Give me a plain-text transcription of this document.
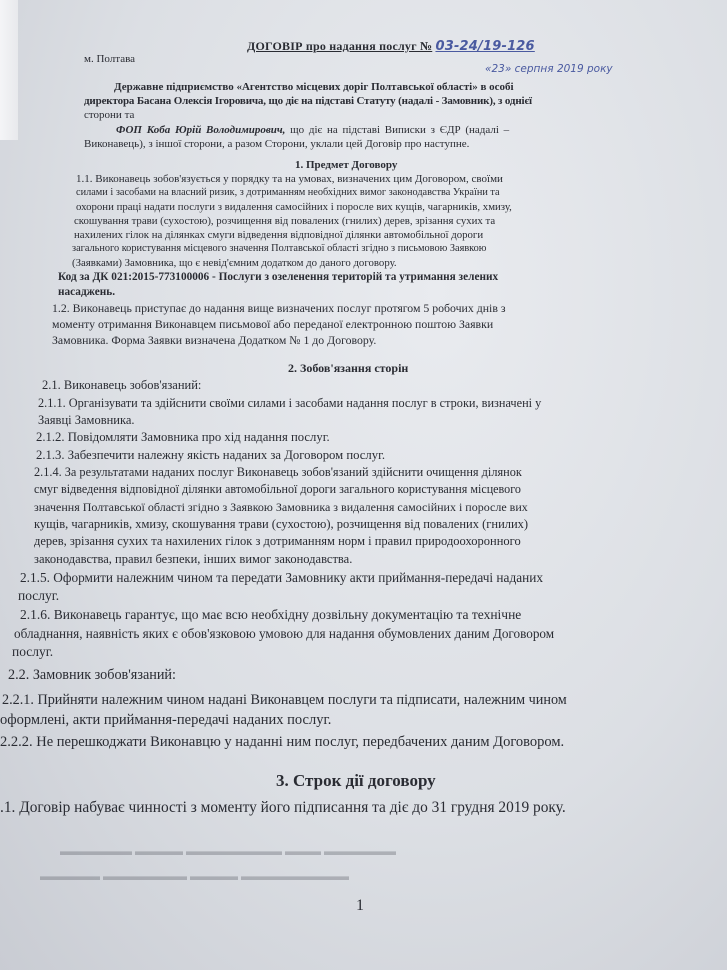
ДОГОВІР про надання послуг № 03-24/19-126
м. Полтава
«23» серпня 2019 року
Державне підприємство «Агентство місцевих доріг Полтавської області» в особі
директора Басана Олексія Ігоровича, що діє на підставі Статуту (надалі - Замовник), з однієї
сторони та
ФОП Коба Юрій Володимирович, що діє на підставі Виписки з ЄДР (надалі –
Виконавець), з іншої сторони, а разом Сторони, уклали цей Договір про наступне.
1. Предмет Договору
1.1. Виконавець зобов'язується у порядку та на умовах, визначених цим Договором, своїми
силами і засобами на власний ризик, з дотриманням необхідних вимог законодавства України та
охорони праці надати послуги з видалення самосійних і поросле вих кущів, чагарників, хмизу,
скошування трави (сухостою), розчищення від повалених (гнилих) дерев, зрізання сухих та
нахилених гілок на ділянках смуги відведення відповідної ділянки автомобільної дороги
загального користування місцевого значення Полтавської області згідно з письмовою Заявкою
(Заявками) Замовника, що є невід'ємним додатком до даного договору.
Код за ДК 021:2015-773100006 - Послуги з озеленення територій та утримання зелених
насаджень.
1.2. Виконавець приступає до надання вище визначених послуг протягом 5 робочих днів з
моменту отримання Виконавцем письмової або переданої електронною поштою Заявки
Замовника. Форма Заявки визначена Додатком № 1 до Договору.
2. Зобов'язання сторін
2.1. Виконавець зобов'язаний:
2.1.1. Організувати та здійснити своїми силами і засобами надання послуг в строки, визначені у
Заявці Замовника.
2.1.2. Повідомляти Замовника про хід надання послуг.
2.1.3. Забезпечити належну якість наданих за Договором послуг.
2.1.4. За результатами наданих послуг Виконавець зобов'язаний здійснити очищення ділянок
смуг відведення відповідної ділянки автомобільної дороги загального користування місцевого
значення Полтавської області згідно з Заявкою Замовника з видалення самосійних і поросле вих
кущів, чагарників, хмизу, скошування трави (сухостою), розчищення від повалених (гнилих)
дерев, зрізання сухих та нахилених гілок з дотриманням норм і правил природоохоронного
законодавства, правил безпеки, інших вимог законодавства.
2.1.5. Оформити належним чином та передати Замовнику акти приймання-передачі наданих
послуг.
2.1.6. Виконавець гарантує, що має всю необхідну дозвільну документацію та технічне
обладнання, наявність яких є обов'язковою умовою для надання обумовлених даним Договором
послуг.
2.2. Замовник зобов'язаний:
2.2.1. Прийняти належним чином надані Виконавцем послуги та підписати, належним чином
оформлені, акти приймання-передачі наданих послуг.
2.2.2. Не перешкоджати Виконавцю у наданні ним послуг, передбачених даним Договором.
3. Строк дії договору
.1. Договір набуває чинності з моменту його підписання та діє до 31 грудня 2019 року.
▬▬▬▬▬▬ ▬▬▬▬ ▬▬▬▬▬▬▬▬ ▬▬▬ ▬▬▬▬▬▬
▬▬▬▬▬ ▬▬▬▬▬▬▬ ▬▬▬▬ ▬▬▬▬▬▬▬▬▬
1
